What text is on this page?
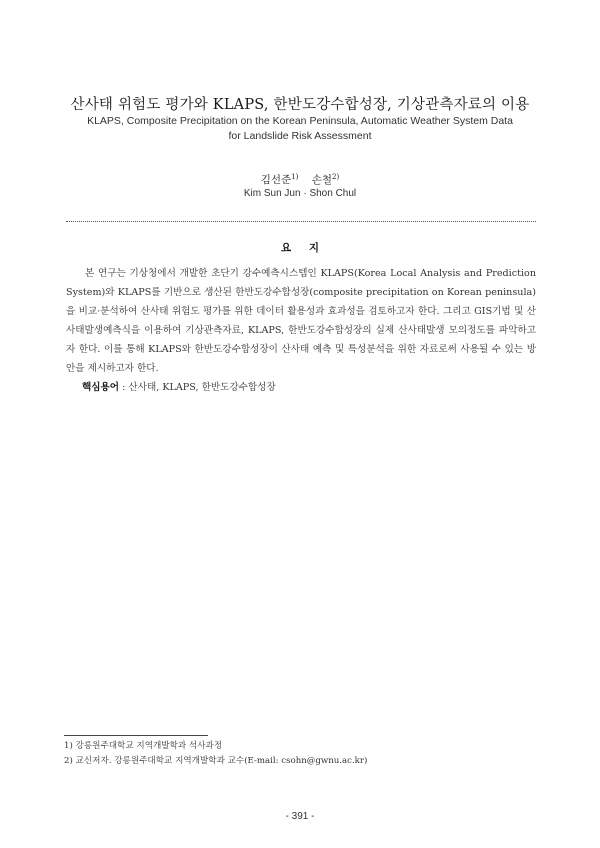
산사태 위험도 평가와 KLAPS, 한반도강수합성장, 기상관측자료의 이용
KLAPS, Composite Precipitation on the Korean Peninsula, Automatic Weather System Data
for Landslide Risk Assessment
김선준$^{1)}$ 손철$^{2)}$
Kim Sun Jun · Shon Chul
요 지
본 연구는 기상청에서 개발한 초단기 강수예측시스템인 KLAPS(Korea Local Analysis and Prediction System)와 KLAPS를 기반으로 생산된 한반도강수합성장(composite precipitation on Korean peninsula)을 비교·분석하여 산사태 위험도 평가를 위한 데이터 활용성과 효과성을 검토하고자 한다. 그리고 GIS기법 및 산사태발생예측식을 이용하여 기상관측자료, KLAPS, 한반도강수합성장의 실제 산사태발생 모의정도를 파악하고자 한다. 이를 통해 KLAPS와 한반도강수합성장이 산사태 예측 및 특성분석을 위한 자료로써 사용될 수 있는 방안을 제시하고자 한다.
핵심용어 : 산사태, KLAPS, 한반도강수합성장
1) 강릉원주대학교 지역개발학과 석사과정
2) 교신저자. 강릉원주대학교 지역개발학과 교수(E-mail: csohn@gwnu.ac.kr)
- 391 -
